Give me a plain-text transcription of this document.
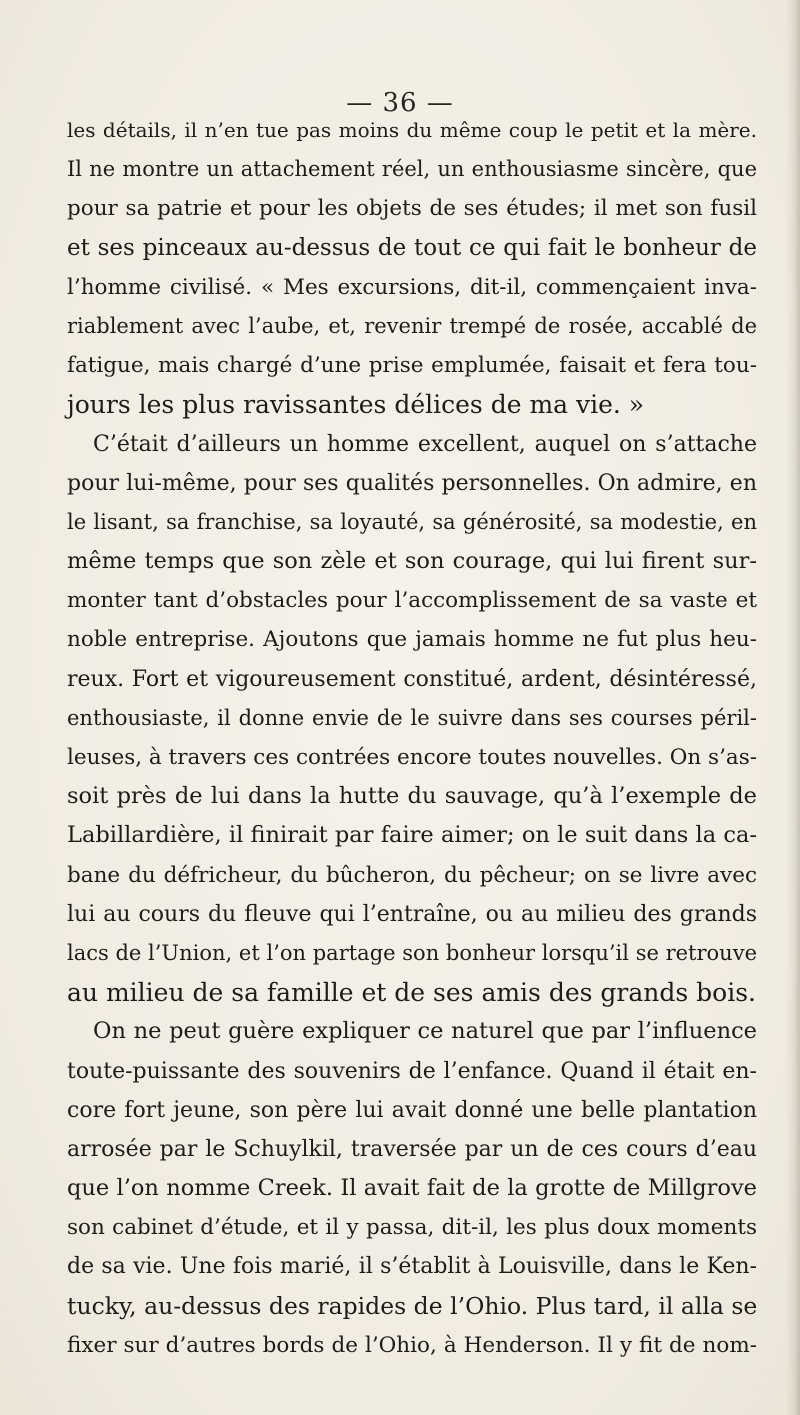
— 36 —
les détails, il n’en tue pas moins du même coup le petit et la mère.
Il ne montre un attachement réel, un enthousiasme sincère, que
pour sa patrie et pour les objets de ses études; il met son fusil
et ses pinceaux au-dessus de tout ce qui fait le bonheur de
l’homme civilisé. « Mes excursions, dit-il, commençaient inva-
riablement avec l’aube, et, revenir trempé de rosée, accablé de
fatigue, mais chargé d’une prise emplumée, faisait et fera tou-
jours les plus ravissantes délices de ma vie. »
C’était d’ailleurs un homme excellent, auquel on s’attache
pour lui-même, pour ses qualités personnelles. On admire, en
le lisant, sa franchise, sa loyauté, sa générosité, sa modestie, en
même temps que son zèle et son courage, qui lui firent sur-
monter tant d’obstacles pour l’accomplissement de sa vaste et
noble entreprise. Ajoutons que jamais homme ne fut plus heu-
reux. Fort et vigoureusement constitué, ardent, désintéressé,
enthousiaste, il donne envie de le suivre dans ses courses péril-
leuses, à travers ces contrées encore toutes nouvelles. On s’as-
soit près de lui dans la hutte du sauvage, qu’à l’exemple de
Labillardière, il finirait par faire aimer; on le suit dans la ca-
bane du défricheur, du bûcheron, du pêcheur; on se livre avec
lui au cours du fleuve qui l’entraîne, ou au milieu des grands
lacs de l’Union, et l’on partage son bonheur lorsqu’il se retrouve
au milieu de sa famille et de ses amis des grands bois.
On ne peut guère expliquer ce naturel que par l’influence
toute-puissante des souvenirs de l’enfance. Quand il était en-
core fort jeune, son père lui avait donné une belle plantation
arrosée par le Schuylkil, traversée par un de ces cours d’eau
que l’on nomme Creek. Il avait fait de la grotte de Millgrove
son cabinet d’étude, et il y passa, dit-il, les plus doux moments
de sa vie. Une fois marié, il s’établit à Louisville, dans le Ken-
tucky, au-dessus des rapides de l’Ohio. Plus tard, il alla se
fixer sur d’autres bords de l’Ohio, à Henderson. Il y fit de nom-
